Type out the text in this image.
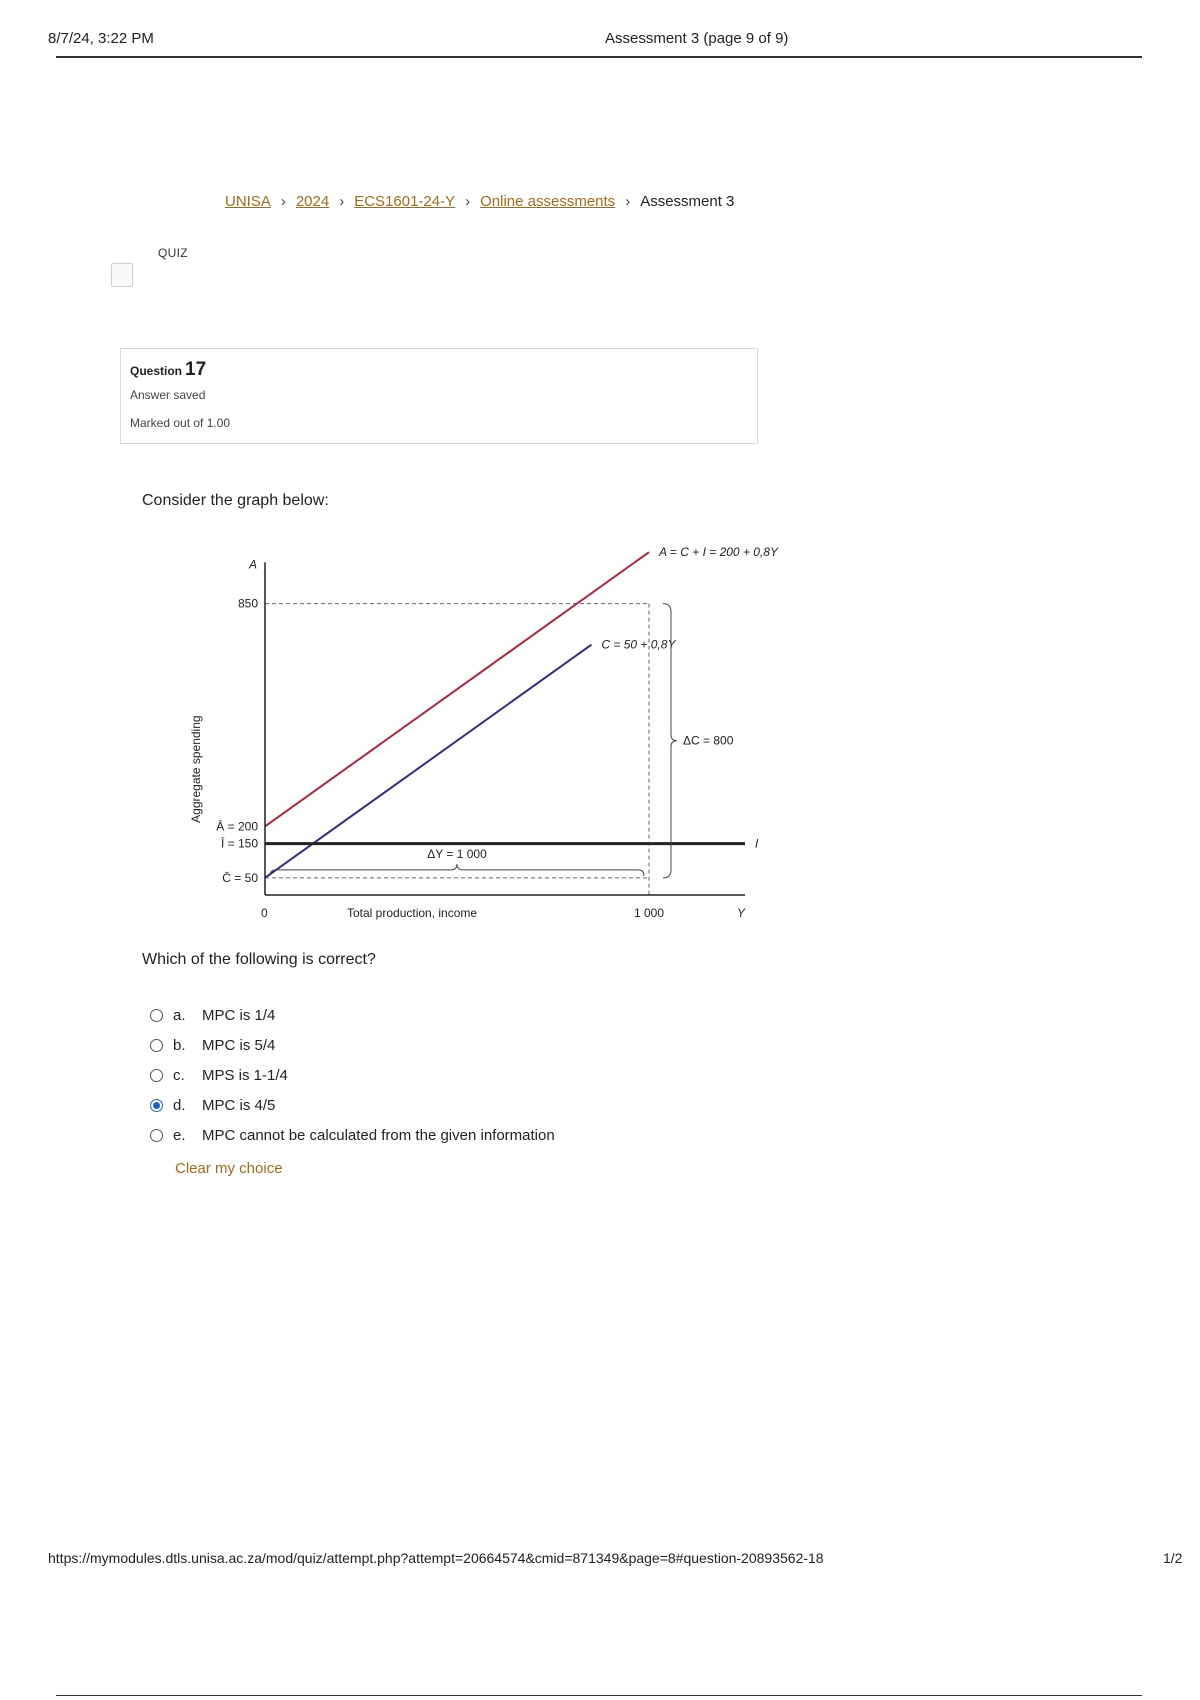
8/7/24, 3:22 PM	Assessment 3 (page 9 of 9)
UNISA › 2024 › ECS1601-24-Y › Online assessments › Assessment 3
QUIZ
Question 17
Answer saved
Marked out of 1.00
Consider the graph below:
A = C + I = 200 + 0,8Y
C = 50 + 0,8Y
I
A
Y
0	Total production, income
Aggregate spending
C̄ = 50
Ī = 150
Ā = 200
850
1 000
ΔY = 1 000
ΔC = 800
Which of the following is correct?
a.	MPC is 1/4
b.	MPC is 5/4
c.	MPS is 1-1/4
d.	MPC is 4/5
e.	MPC cannot be calculated from the given information
Clear my choice
https://mymodules.dtls.unisa.ac.za/mod/quiz/attempt.php?attempt=20664574&cmid=871349&page=8#question-20893562-18	1/2
